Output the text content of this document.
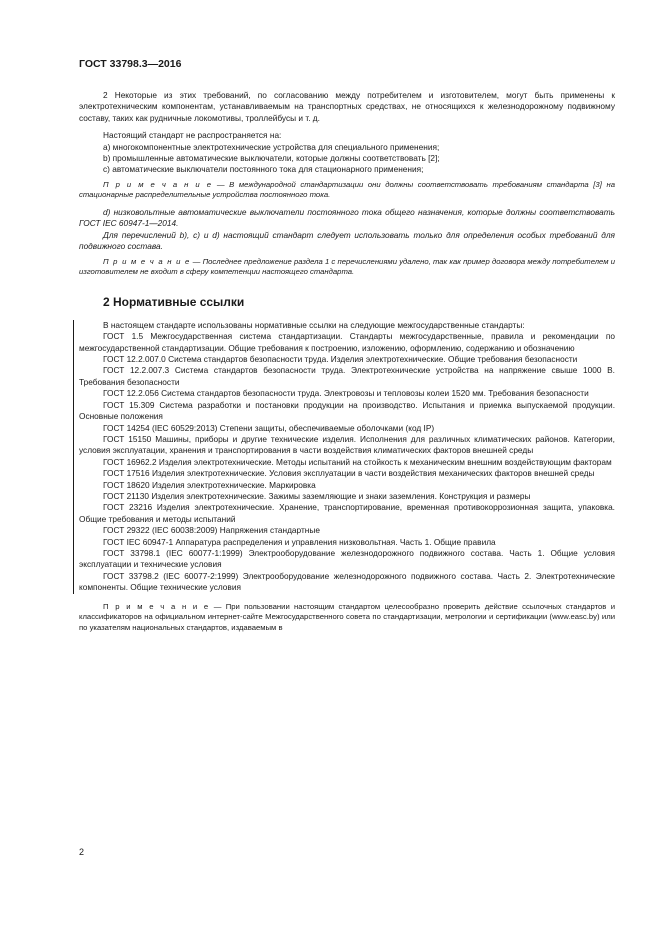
ГОСТ 33798.3—2016

2 Некоторые из этих требований, по согласованию между потребителем и изготовителем, могут быть применены к электротехническим компонентам, устанавливаемым на транспортных средствах, не относящихся к железнодорожному подвижному составу, таких как рудничные локомотивы, троллейбусы и т. д.

Настоящий стандарт не распространяется на:

a) многокомпонентные электротехнические устройства для специального применения;

b) промышленные автоматические выключатели, которые должны соответствовать [2];

c) автоматические выключатели постоянного тока для стационарного применения;

П р и м е ч а н и е — В международной стандартизации они должны соответствовать требованиям стандарта [3] на стационарные распределительные устройства постоянного тока.

d) низковольтные автоматические выключатели постоянного тока общего назначения, которые должны соответствовать ГОСТ IEC 60947-1—2014.

Для перечислений b), c) и d) настоящий стандарт следует использовать только для определения особых требований для подвижного состава.

П р и м е ч а н и е — Последнее предложение раздела 1 с перечислениями удалено, так как пример договора между потребителем и изготовителем не входит в сферу компетенции настоящего стандарта.

2 Нормативные ссылки

В настоящем стандарте использованы нормативные ссылки на следующие межгосударственные стандарты:

ГОСТ 1.5 Межгосударственная система стандартизации. Стандарты межгосударственные, правила и рекомендации по межгосударственной стандартизации. Общие требования к построению, изложению, оформлению, содержанию и обозначению

ГОСТ 12.2.007.0 Система стандартов безопасности труда. Изделия электротехнические. Общие требования безопасности

ГОСТ 12.2.007.3 Система стандартов безопасности труда. Электротехнические устройства на напряжение свыше 1000 В. Требования безопасности

ГОСТ 12.2.056 Система стандартов безопасности труда. Электровозы и тепловозы колеи 1520 мм. Требования безопасности

ГОСТ 15.309 Система разработки и постановки продукции на производство. Испытания и приемка выпускаемой продукции. Основные положения

ГОСТ 14254 (IEC 60529:2013) Степени защиты, обеспечиваемые оболочками (код IP)

ГОСТ 15150 Машины, приборы и другие технические изделия. Исполнения для различных климатических районов. Категории, условия эксплуатации, хранения и транспортирования в части воздействия климатических факторов внешней среды

ГОСТ 16962.2 Изделия электротехнические. Методы испытаний на стойкость к механическим внешним воздействующим факторам

ГОСТ 17516 Изделия электротехнические. Условия эксплуатации в части воздействия механических факторов внешней среды

ГОСТ 18620 Изделия электротехнические. Маркировка

ГОСТ 21130 Изделия электротехнические. Зажимы заземляющие и знаки заземления. Конструкция и размеры

ГОСТ 23216 Изделия электротехнические. Хранение, транспортирование, временная противокоррозионная защита, упаковка. Общие требования и методы испытаний

ГОСТ 29322 (IEC 60038:2009) Напряжения стандартные

ГОСТ IEC 60947-1 Аппаратура распределения и управления низковольтная. Часть 1. Общие правила

ГОСТ 33798.1 (IEC 60077-1:1999) Электрооборудование железнодорожного подвижного состава. Часть 1. Общие условия эксплуатации и технические условия

ГОСТ 33798.2 (IEC 60077-2:1999) Электрооборудование железнодорожного подвижного состава. Часть 2. Электротехнические компоненты. Общие технические условия

П р и м е ч а н и е — При пользовании настоящим стандартом целесообразно проверить действие ссылочных стандартов и классификаторов на официальном интернет-сайте Межгосударственного совета по стандартизации, метрологии и сертификации (www.easc.by) или по указателям национальных стандартов, издаваемым в

2
